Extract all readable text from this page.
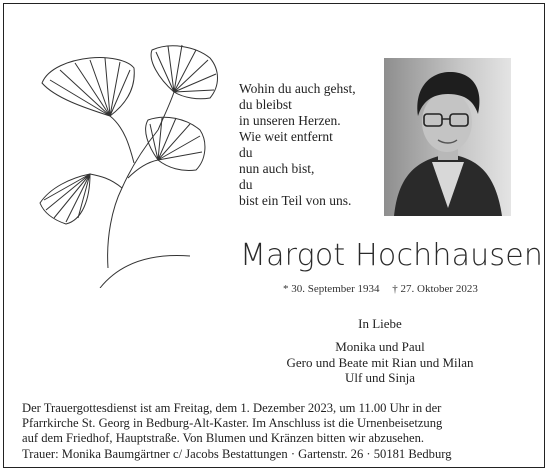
Wohin du auch gehst,
du bleibst
in unseren Herzen.
Wie weit entfernt
du
nun auch bist,
du
bist ein Teil von uns.
Margot Hochhausen
* 30. September 1934 † 27. Oktober 2023
In Liebe
Monika und Paul
Gero und Beate mit Rian und Milan
Ulf und Sinja
Der Trauergottesdienst ist am Freitag, dem 1. Dezember 2023, um 11.00 Uhr in der
Pfarrkirche St. Georg in Bedburg-Alt-Kaster. Im Anschluss ist die Urnenbeisetzung
auf dem Friedhof, Hauptstraße. Von Blumen und Kränzen bitten wir abzusehen.
Trauer: Monika Baumgärtner c/ Jacobs Bestattungen · Gartenstr. 26 · 50181 Bedburg
